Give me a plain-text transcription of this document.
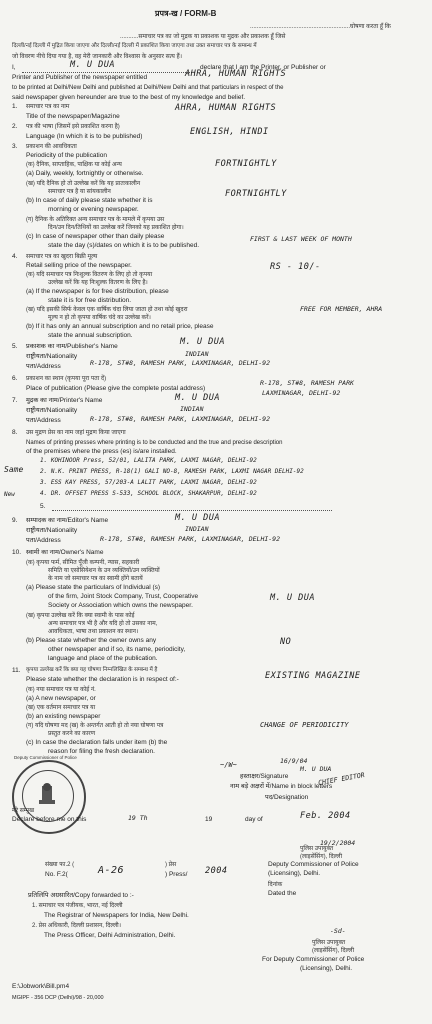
प्रपत्र-ख / FORM-B
............................................................घोषणा करता हूँ कि
...........समाचार पत्र का जो मुद्रक या प्रकाशक या मुद्रक और प्रकाशक हूँ जिसे
दिल्ली/नई दिल्ली में मुद्रित किया जाएगा और दिल्ली/नई दिल्ली में प्रकाशित किया जाएगा तथा उक्त समाचार पत्र के सम्बन्ध में
जो विवरण नीचे दिया गया है, वह मेरी जानकारी और विश्वास के अनुसार सत्य हैं।
I,	M. U DUA	declare that I am the Printer, or Publisher or
Printer and Publisher of the newspaper entitled	AHRA, HUMAN RIGHTS
to be printed at Delhi/New Delhi and published at Delhi/New Delhi and that particulars in respect of the
said newspaper given hereunder are true to the best of my knowledge and belief.
1. समाचार पत्र का नाम
Title of the newspaper/Magazine
AHRA, HUMAN RIGHTS
2. पत्र की भाषा (जिसमें इसे प्रकाशित करना है)
Language (In which it is to be published)	ENGLISH, HINDI
3. प्रकाशन की आवधिकता
Periodicity of the publication
(क) दैनिक, साप्ताहिक, पाक्षिक या कोई अन्य
(a) Daily, weekly, fortnightly or otherwise.
FORTNIGHTLY
(ख) यदि दैनिक हो तो उल्लेख करें कि यह प्रातःकालीन
समाचार पत्र है या सांयकालीन
(b) In case of daily please state whether it is
morning or evening newspaper.
FORTNIGHTLY
(ग) दैनिक के अतिरिक्त अन्य समाचार पत्र के मामले में कृपया उस
दिन/उन दिन/तिथियों का उल्लेख करें जिनको यह प्रकाशित होगा।
(c) In case of newspaper other than daily please
state the day (s)/dates on which it is to be published.
FIRST & LAST WEEK OF MONTH
4. समाचार पत्र का खुदरा बिक्री मूल्य
Retail selling price of the newspaper.	RS - 10/-
(क) यदि समाचार पत्र निःशुल्क वितरण के लिए हो तो कृपया
उल्लेख करें कि यह निःशुल्क वितरण के लिए है।
(a) If the newspaper is for free distribution, please
state it is for free distribution.
(ख) यदि इसकी सिर्फ केवल एक वार्षिक चंदा लिया जाता हो तथा कोई खुदरा
मूल्य न हो तो कृपया वार्षिक चंदे का उल्लेख करें।
FREE FOR MEMBER, AHRA
(b) If it has only an annual subscription and no retail price, please
state the annual subscription.
5. प्रकाशक का नाम/Publisher's Name	M. U DUA
राष्ट्रीयता/Nationality	INDIAN
पता/Address	R-178, ST#8, RAMESH PARK, LAXMINAGAR, DELHI-92
6. प्रकाशन का स्थान (कृपया पूरा पता दें)
Place of publication (Please give the complete postal address)
R-178, ST#8, RAMESH PARK
LAXMINAGAR, DELHI-92
7. मुद्रक का नाम/Printer's Name	M. U DUA
राष्ट्रीयता/Nationality	INDIAN
पता/Address	R-178, ST#8, RAMESH PARK, LAXMINAGAR, DELHI-92
8. उस मुद्रण प्रेस का नाम जहां मुद्रण किया जाएगा
Names of printing presses where printing is to be conducted and the true and precise description
of the premises where the press (es) is/are installed.
Same
New
1. KOHINOOR Press, 52/01, LALITA PARK, LAXMI NAGAR, DELHI-92
2. N.K. PRINT PRESS, R-18(1) GALI NO-8, RAMESH PARK, LAXMI NAGAR DELHI-92
3. ESS KAY PRESS, 57/203-A LALIT PARK, LAXMI NAGAR, DELHI-92
4. DR. OFFSET PRESS S-533, SCHOOL BLOCK, SHAKARPUR, DELHI-92
5.
9. सम्पादक का नाम/Editor's Name	M. U DUA
राष्ट्रीयता/Nationality	INDIAN
पता/Address	R-178, ST#8, RAMESH PARK, LAXMINAGAR, DELHI-92
10. स्वामी का नाम/Owner's Name
(क) कृपया फर्म, सीमित पूँजी कम्पनी, न्यास, सहकारी
समिति या एसोसियेशन के उन व्यक्तियों/उन व्यक्तियों
के नाम जो समाचार पत्र का स्वामी होंगे बतायें
(a) Please state the particulars of Individual (s)
of the firm, Joint Stock Company, Trust, Cooperative
Society or Association which owns the newspaper.
M. U DUA
(ख) कृपया उल्लेख करें कि क्या स्वामी के पास कोई
अन्य समाचार पत्र भी है और यदि हो तो उसका नाम,
आवधिकता, भाषा तथा प्रकाशन का स्थान।
(b) Please state whether the owner owns any
other newspaper and if so, its name, periodicity,
language and place of the publication.
NO
11. कृपया उल्लेख करें कि क्या यह घोषणा निम्नलिखित के सम्बन्ध में है
Please state whether the declaration is in respect of:-	EXISTING MAGAZINE
(क) नया समाचार पत्र या कोई नं.
(a) A new newspaper, or
(ख) एक वर्तमान समाचार पत्र या
(b) an existing newspaper
(ग) यदि घोषणा मद (ख) के अन्तर्गत आती हो तो नया घोषणा पत्र
प्रस्तुत करने का कारण
CHANGE OF PERIODICITY
(c) In case the declaration falls under item (b) the
reason for filing the fresh declaration.
Deputy Commissioner of Police
~/W~	16/9/04
M. U DUA
CHIEF EDITOR
हस्ताक्षर/Signature
नाम बड़े अक्षरों में/Name in block letters
पद/Designation
मेरे सम्मुख
Declare before me on this	19 Th	19	day of	Feb. 2004
19/2/2004
पुलिस उपायुक्त
(लाइसेंसिंग), दिल्ली
Deputy Commissioner of Police
(Licensing), Delhi.
संख्या फा.2 (
No. F.2(	A-26	) प्रेस
) Press/ 2004
दिनांक
Dated the
प्रतिलिपि अग्रसारित/Copy forwarded to :-
1. समाचार पत्र पंजीयक, भारत, नई दिल्ली
The Registrar of Newspapers for India, New Delhi.
2. प्रेस अधिकारी, दिल्ली प्रशासन, दिल्ली।
The Press Officer, Delhi Administration, Delhi.
-Sd-
पुलिस उपायुक्त
(लाइसेंसिंग), दिल्ली
For Deputy Commissioner of Police
(Licensing), Delhi.
E:\Jobwork\Bill.pm4
MGIPF - 356 DCP (Delhi)/98 - 20,000
